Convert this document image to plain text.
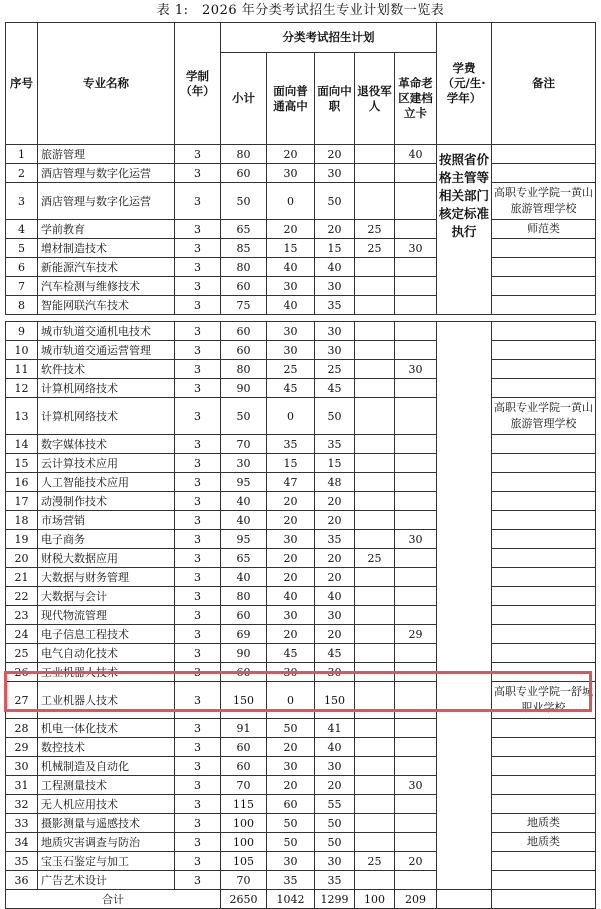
表 1:　2026 年分类考试招生专业计划数一览表
序号	专业名称	学制（年）	分类考试招生计划					学费（元/生·学年）	备注
			小计	面向普通高中	面向中职	退役军人	革命老区建档立卡		
1	旅游管理	3	80	20	20		40	按照省价格主管等相关部门核定标准执行	
2	酒店管理与数字化运营	3	60	30	30				
3	酒店管理与数字化运营	3	50	0	50				高职专业学院一黄山旅游管理学校
4	学前教育	3	65	20	20	25			师范类
5	增材制造技术	3	85	15	15	25	30		
6	新能源汽车技术	3	80	40	40				
7	汽车检测与维修技术	3	60	30	30				
8	智能网联汽车技术	3	75	40	35				

9	城市轨道交通机电技术	3	60	30	30				
10	城市轨道交通运营管理	3	60	30	30				
11	软件技术	3	80	25	25		30		
12	计算机网络技术	3	90	45	45				
13	计算机网络技术	3	50	0	50				高职专业学院一黄山旅游管理学校
14	数字媒体技术	3	70	35	35				
15	云计算技术应用	3	30	15	15				
16	人工智能技术应用	3	95	47	48				
17	动漫制作技术	3	40	20	20				
18	市场营销	3	40	20	20				
19	电子商务	3	95	30	35		30		
20	财税大数据应用	3	65	20	20	25			
21	大数据与财务管理	3	40	20	20				
22	大数据与会计	3	80	40	40				
23	现代物流管理	3	60	30	30				
24	电子信息工程技术	3	69	20	20		29		
25	电气自动化技术	3	90	45	45				
26	工业机器人技术	3	60	30	30				
27	工业机器人技术	3	150	0	150				高职专业学院一舒城职业学校
28	机电一体化技术	3	91	50	41				
29	数控技术	3	60	20	40				
30	机械制造及自动化	3	60	30	30				
31	工程测量技术	3	70	20	20		30		
32	无人机应用技术	3	115	60	55				
33	摄影测量与遥感技术	3	100	50	50				地质类
34	地质灾害调查与防治	3	100	50	50				地质类
35	宝玉石鉴定与加工	3	105	30	30	25	20		
36	广告艺术设计	3	70	35	35				
合计			2650	1042	1299	100	209		
